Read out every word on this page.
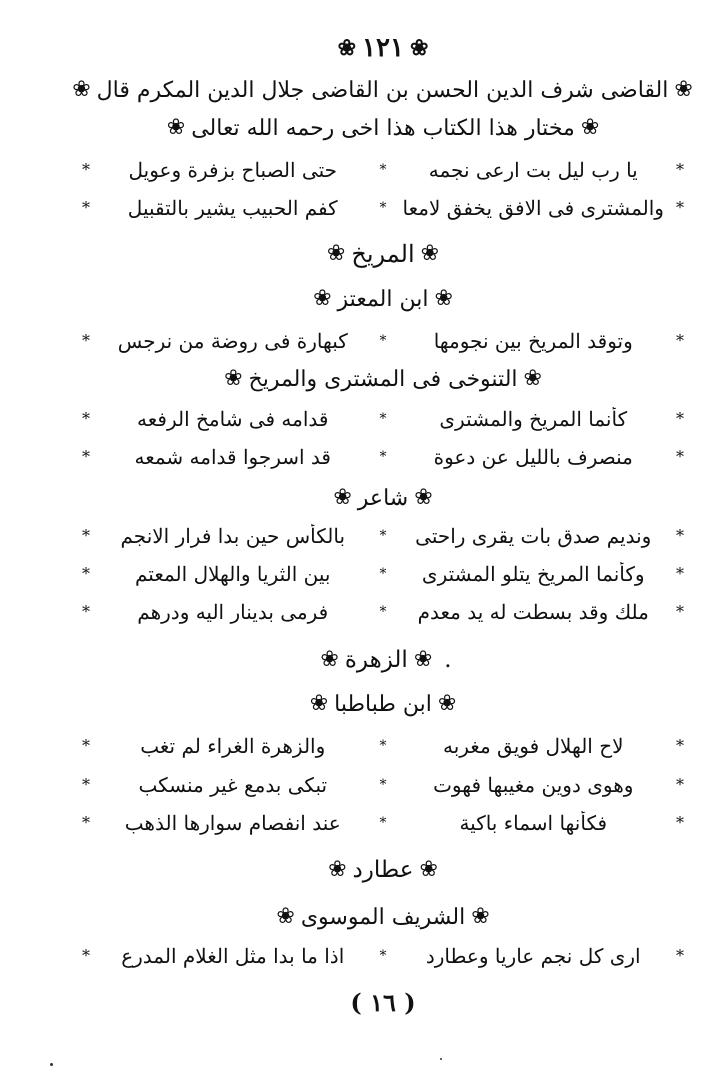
❀
١٢١
❀
❀
القاضى شرف الدين الحسن بن القاضى جلال الدين المكرم قال
❀
❀
مختار هذا الكتاب هذا اخى رحمه الله تعالى
❀
*
يا رب ليل بت ارعى نجمه
*
حتى الصباح بزفرة وعويل
*
*
والمشترى فى الافق يخفق لامعا
*
كفم الحبيب يشير بالتقبيل
*
❀
المريخ
❀
❀
ابن المعتز
❀
*
وتوقد المريخ بين نجومها
*
كبهارة فى روضة من نرجس
*
❀
التنوخى فى المشترى والمريخ
❀
*
كأنما المريخ والمشترى
*
قدامه فى شامخ الرفعه
*
*
منصرف بالليل عن دعوة
*
قد اسرجوا قدامه شمعه
*
❀
شاعر
❀
*
ونديم صدق بات يقرى راحتى
*
بالكأس حين بدا فرار الانجم
*
*
وكأنما المريخ يتلو المشترى
*
بين الثريا والهلال المعتم
*
*
ملك وقد بسطت له يد معدم
*
فرمى بدينار اليه ودرهم
*
.
❀
الزهرة
❀
❀
ابن طباطبا
❀
*
لاح الهلال فويق مغربه
*
والزهرة الغراء لم تغب
*
*
وهوى دوين مغيبها فهوت
*
تبكى بدمع غير منسكب
*
*
فكأنها اسماء باكية
*
عند انفصام سوارها الذهب
*
❀
عطارد
❀
❀
الشريف الموسوى
❀
*
ارى كل نجم عاريا وعطارد
*
اذا ما بدا مثل الغلام المدرع
*
( ١٦ )
